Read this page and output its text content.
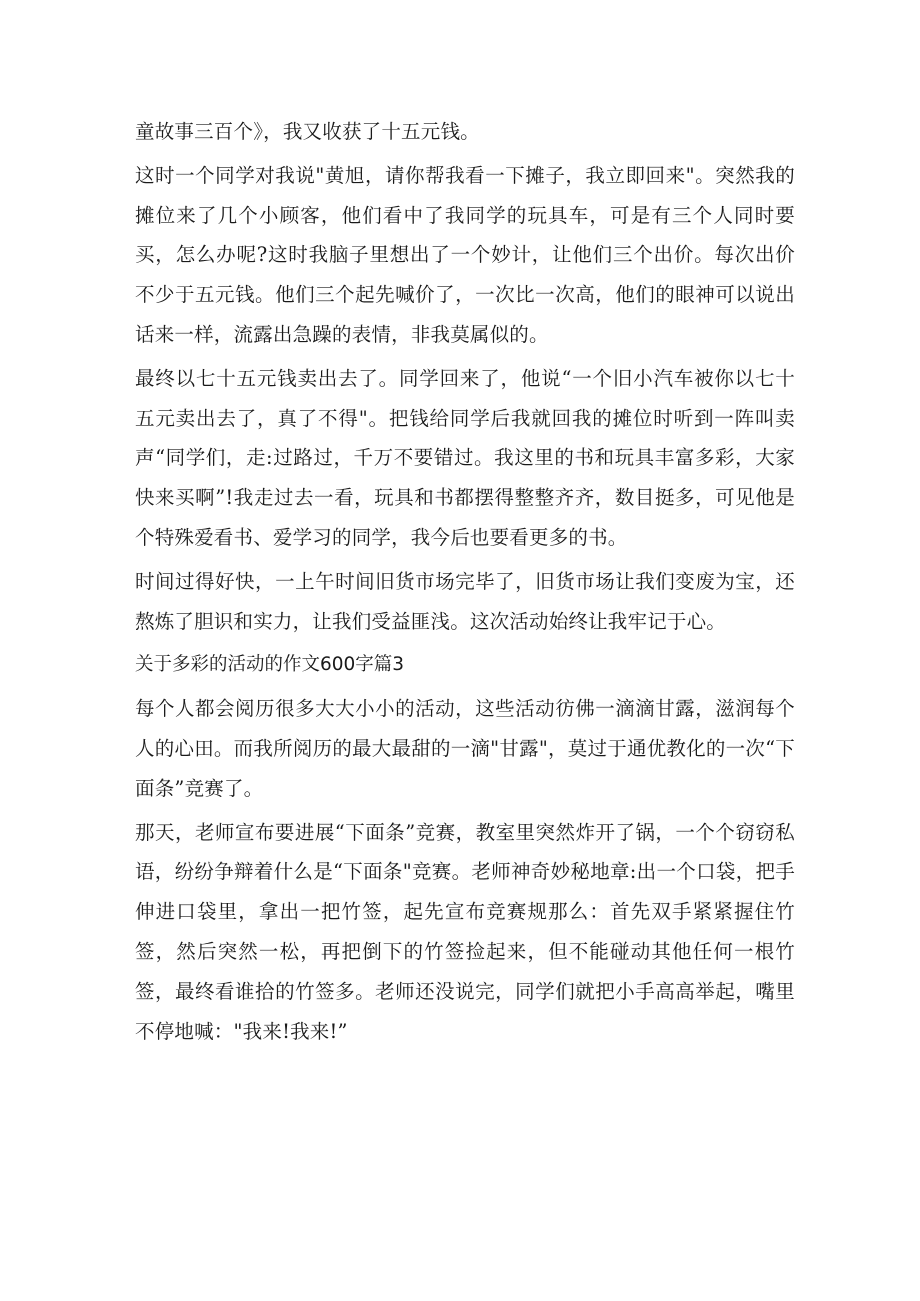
童故事三百个》，我又收获了十五元钱。

这时一个同学对我说"黄旭，请你帮我看一下摊子，我立即回来"。突然我的摊位来了几个小顾客，他们看中了我同学的玩具车，可是有三个人同时要买，怎么办呢?这时我脑子里想出了一个妙计，让他们三个出价。每次出价不少于五元钱。他们三个起先喊价了，一次比一次高，他们的眼神可以说出话来一样，流露出急躁的表情，非我莫属似的。

最终以七十五元钱卖出去了。同学回来了，他说“一个旧小汽车被你以七十五元卖出去了，真了不得"。把钱给同学后我就回我的摊位时听到一阵叫卖声“同学们，走:过路过，千万不要错过。我这里的书和玩具丰富多彩，大家快来买啊”!我走过去一看，玩具和书都摆得整整齐齐，数目挺多，可见他是个特殊爱看书、爱学习的同学，我今后也要看更多的书。

时间过得好快，一上午时间旧货市场完毕了，旧货市场让我们变废为宝，还熬炼了胆识和实力，让我们受益匪浅。这次活动始终让我牢记于心。

关于多彩的活动的作文600字篇3

每个人都会阅历很多大大小小的活动，这些活动彷佛一滴滴甘露，滋润每个人的心田。而我所阅历的最大最甜的一滴"甘露"，莫过于通优教化的一次“下面条”竞赛了。

那天，老师宣布要进展“下面条”竞赛，教室里突然炸开了锅，一个个窃窃私语，纷纷争辩着什么是“下面条"竞赛。老师神奇妙秘地章:出一个口袋，把手伸进口袋里，拿出一把竹签，起先宣布竞赛规那么：首先双手紧紧握住竹签，然后突然一松，再把倒下的竹签捡起来，但不能碰动其他任何一根竹签，最终看谁拾的竹签多。老师还没说完，同学们就把小手高高举起，嘴里不停地喊："我来!我来!”
